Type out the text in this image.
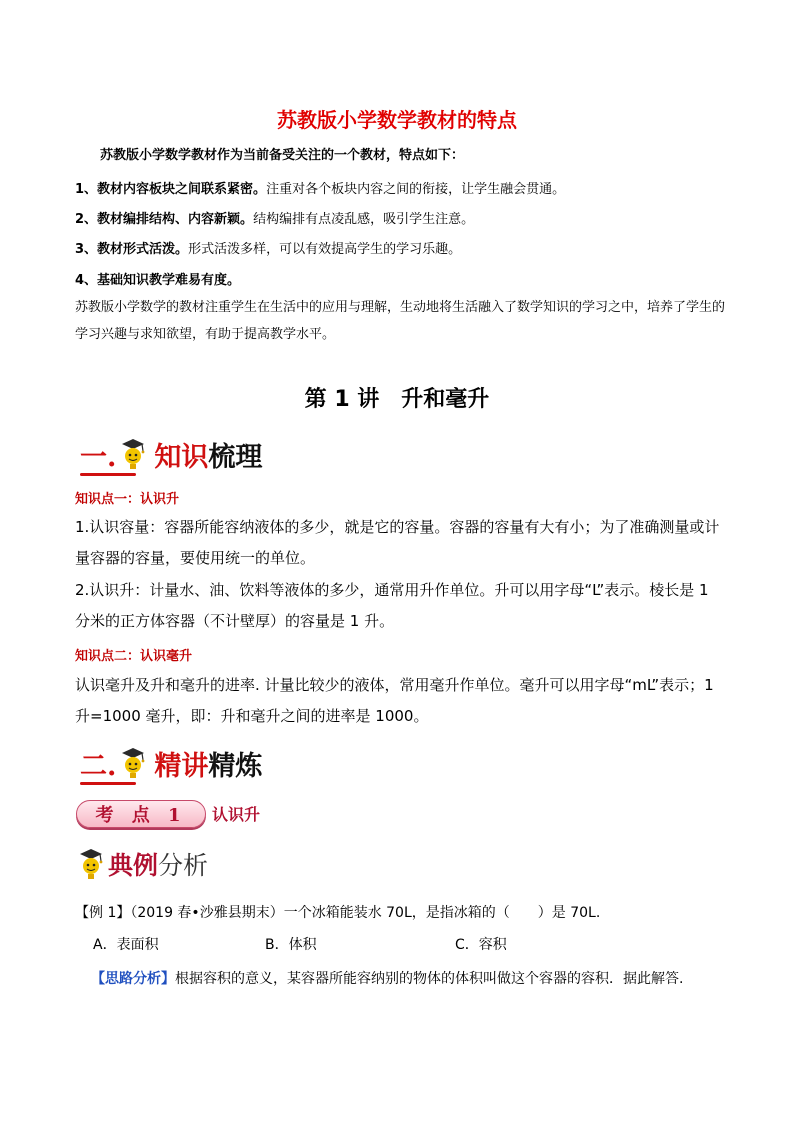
苏教版小学数学教材的特点
苏教版小学数学教材作为当前备受关注的一个教材，特点如下：
1、教材内容板块之间联系紧密。注重对各个板块内容之间的衔接，让学生融会贯通。
2、教材编排结构、内容新颖。结构编排有点凌乱感，吸引学生注意。
3、教材形式活泼。形式活泼多样，可以有效提高学生的学习乐趣。
4、基础知识教学难易有度。
苏教版小学数学的教材注重学生在生活中的应用与理解，生动地将生活融入了数学知识的学习之中，培养了学生的学习兴趣与求知欲望，有助于提高教学水平。
第 1 讲　升和毫升
一. 知识 梳理
知识点一：认识升
1.认识容量：容器所能容纳液体的多少，就是它的容量。容器的容量有大有小；为了准确测量或计量容器的容量，要使用统一的单位。
2.认识升：计量水、油、饮料等液体的多少，通常用升作单位。升可以用字母“L”表示。棱长是 1 分米的正方体容器（不计壁厚）的容量是 1 升。
知识点二：认识毫升
认识毫升及升和毫升的进率. 计量比较少的液体，常用毫升作单位。毫升可以用字母“mL”表示；1 升=1000 毫升，即：升和毫升之间的进率是 1000。
二. 精讲 精炼
考 点 1	认识升
典例 分析
【例 1】（2019 春•沙雅县期末）一个冰箱能装水 70L，是指冰箱的（　　）是 70L.
A．表面积	B．体积	C．容积
【思路分析】根据容积的意义，某容器所能容纳别的物体的体积叫做这个容器的容积．据此解答.
